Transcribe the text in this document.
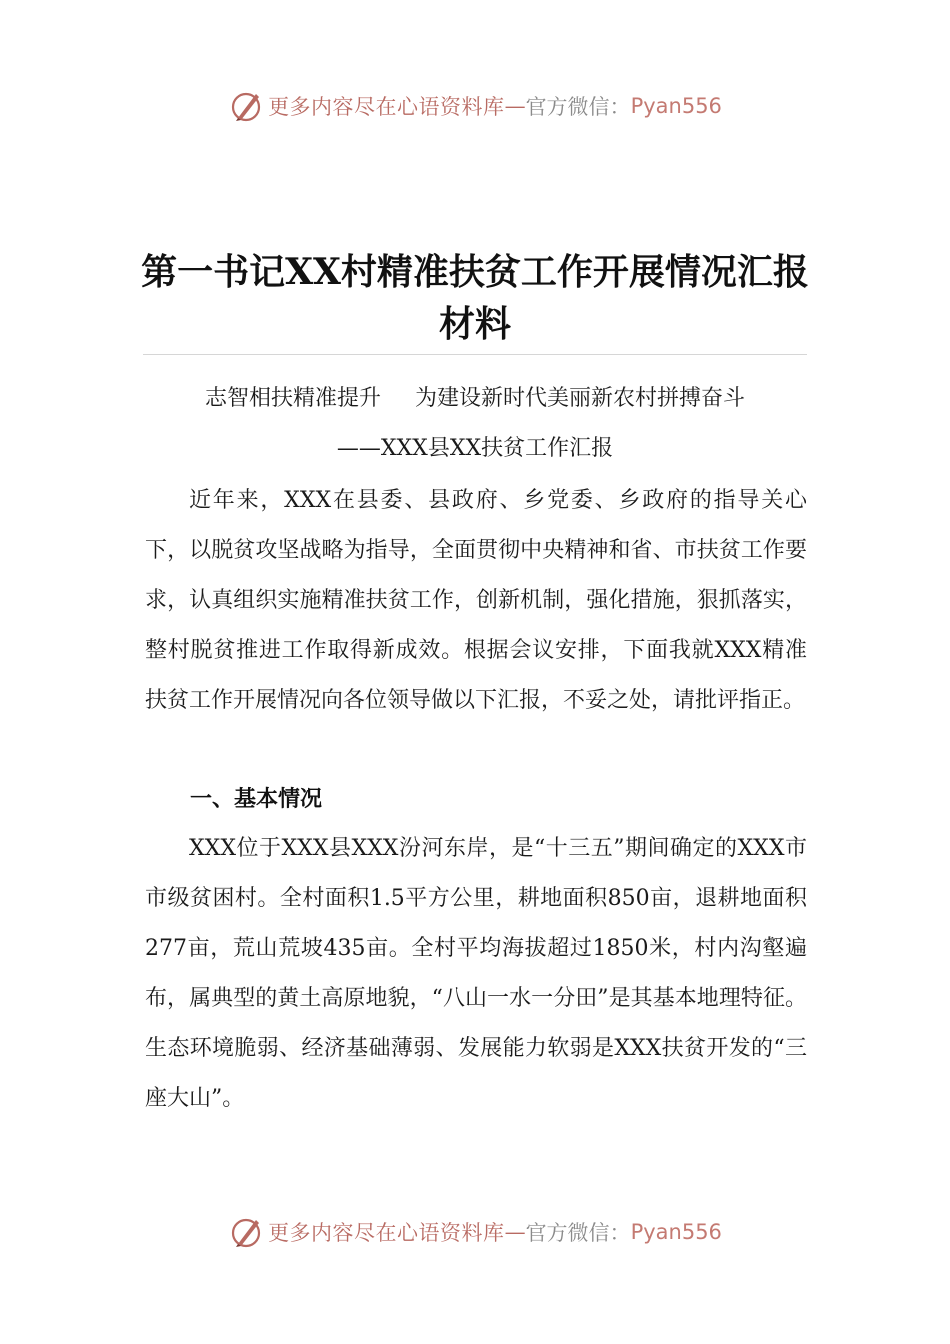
更多内容尽在心语资料库 — 官方微信： Pyan556
第一书记XX村精准扶贫工作开展情况汇报材料
志智相扶精准提升 为建设新时代美丽新农村拼搏奋斗
——XXX县XX扶贫工作汇报
近年来，XXX在县委、县政府、乡党委、乡政府的指导关心下，以脱贫攻坚战略为指导，全面贯彻中央精神和省、市扶贫工作要求，认真组织实施精准扶贫工作，创新机制，强化措施，狠抓落实，整村脱贫推进工作取得新成效。根据会议安排，下面我就XXX精准扶贫工作开展情况向各位领导做以下汇报，不妥之处，请批评指正。
一、基本情况
XXX位于XXX县XXX汾河东岸，是“十三五”期间确定的XXX市市级贫困村。全村面积1.5平方公里，耕地面积850亩，退耕地面积277亩，荒山荒坡435亩。全村平均海拔超过1850米，村内沟壑遍布，属典型的黄土高原地貌，“八山一水一分田”是其基本地理特征。生态环境脆弱、经济基础薄弱、发展能力软弱是XXX扶贫开发的“三座大山”。
更多内容尽在心语资料库 — 官方微信： Pyan556
